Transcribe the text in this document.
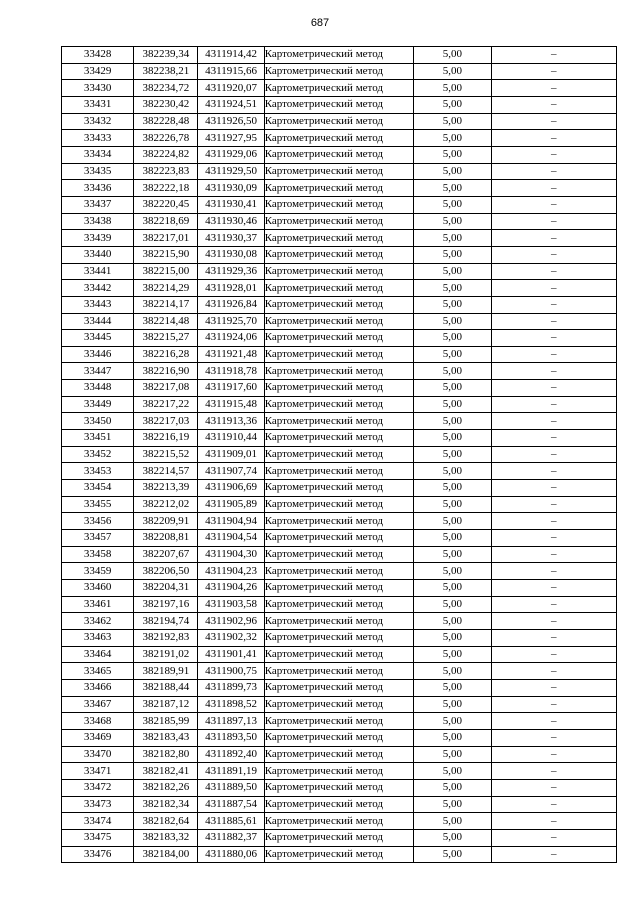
687
33428	382239,34	4311914,42	Картометрический метод	5,00	–
33429	382238,21	4311915,66	Картометрический метод	5,00	–
33430	382234,72	4311920,07	Картометрический метод	5,00	–
33431	382230,42	4311924,51	Картометрический метод	5,00	–
33432	382228,48	4311926,50	Картометрический метод	5,00	–
33433	382226,78	4311927,95	Картометрический метод	5,00	–
33434	382224,82	4311929,06	Картометрический метод	5,00	–
33435	382223,83	4311929,50	Картометрический метод	5,00	–
33436	382222,18	4311930,09	Картометрический метод	5,00	–
33437	382220,45	4311930,41	Картометрический метод	5,00	–
33438	382218,69	4311930,46	Картометрический метод	5,00	–
33439	382217,01	4311930,37	Картометрический метод	5,00	–
33440	382215,90	4311930,08	Картометрический метод	5,00	–
33441	382215,00	4311929,36	Картометрический метод	5,00	–
33442	382214,29	4311928,01	Картометрический метод	5,00	–
33443	382214,17	4311926,84	Картометрический метод	5,00	–
33444	382214,48	4311925,70	Картометрический метод	5,00	–
33445	382215,27	4311924,06	Картометрический метод	5,00	–
33446	382216,28	4311921,48	Картометрический метод	5,00	–
33447	382216,90	4311918,78	Картометрический метод	5,00	–
33448	382217,08	4311917,60	Картометрический метод	5,00	–
33449	382217,22	4311915,48	Картометрический метод	5,00	–
33450	382217,03	4311913,36	Картометрический метод	5,00	–
33451	382216,19	4311910,44	Картометрический метод	5,00	–
33452	382215,52	4311909,01	Картометрический метод	5,00	–
33453	382214,57	4311907,74	Картометрический метод	5,00	–
33454	382213,39	4311906,69	Картометрический метод	5,00	–
33455	382212,02	4311905,89	Картометрический метод	5,00	–
33456	382209,91	4311904,94	Картометрический метод	5,00	–
33457	382208,81	4311904,54	Картометрический метод	5,00	–
33458	382207,67	4311904,30	Картометрический метод	5,00	–
33459	382206,50	4311904,23	Картометрический метод	5,00	–
33460	382204,31	4311904,26	Картометрический метод	5,00	–
33461	382197,16	4311903,58	Картометрический метод	5,00	–
33462	382194,74	4311902,96	Картометрический метод	5,00	–
33463	382192,83	4311902,32	Картометрический метод	5,00	–
33464	382191,02	4311901,41	Картометрический метод	5,00	–
33465	382189,91	4311900,75	Картометрический метод	5,00	–
33466	382188,44	4311899,73	Картометрический метод	5,00	–
33467	382187,12	4311898,52	Картометрический метод	5,00	–
33468	382185,99	4311897,13	Картометрический метод	5,00	–
33469	382183,43	4311893,50	Картометрический метод	5,00	–
33470	382182,80	4311892,40	Картометрический метод	5,00	–
33471	382182,41	4311891,19	Картометрический метод	5,00	–
33472	382182,26	4311889,50	Картометрический метод	5,00	–
33473	382182,34	4311887,54	Картометрический метод	5,00	–
33474	382182,64	4311885,61	Картометрический метод	5,00	–
33475	382183,32	4311882,37	Картометрический метод	5,00	–
33476	382184,00	4311880,06	Картометрический метод	5,00	–
